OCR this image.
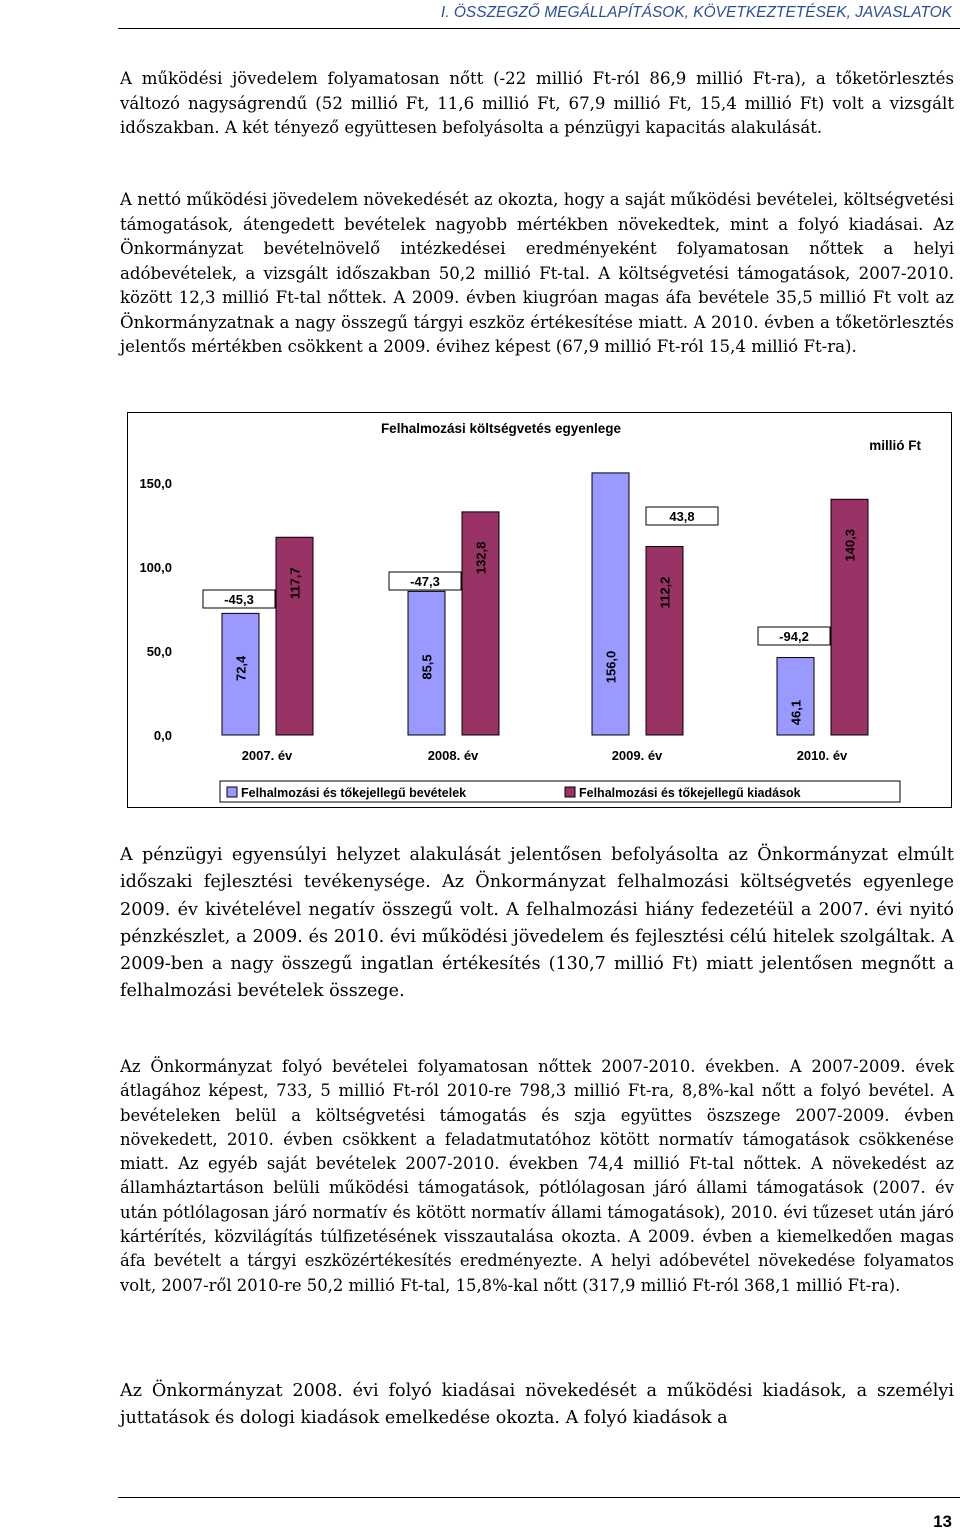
I. ÖSSZEGZŐ MEGÁLLAPÍTÁSOK, KÖVETKEZTETÉSEK, JAVASLATOK

A működési jövedelem folyamatosan nőtt (-22 millió Ft-ról 86,9 millió Ft-ra), a tőketörlesztés változó nagyságrendű (52 millió Ft, 11,6 millió Ft, 67,9 millió Ft, 15,4 millió Ft) volt a vizsgált időszakban. A két tényező együttesen befolyásolta a pénzügyi kapacitás alakulását.

A nettó működési jövedelem növekedését az okozta, hogy a saját működési bevételei, költségvetési támogatások, átengedett bevételek nagyobb mértékben növekedtek, mint a folyó kiadásai. Az Önkormányzat bevételnövelő intézkedései eredményeként folyamatosan nőttek a helyi adóbevételek, a vizsgált időszakban 50,2 millió Ft-tal. A költségvetési támogatások, 2007-2010. között 12,3 millió Ft-tal nőttek. A 2009. évben kiugróan magas áfa bevétele 35,5 millió Ft volt az Önkormányzatnak a nagy összegű tárgyi eszköz értékesítése miatt. A 2010. évben a tőketörlesztés jelentős mértékben csökkent a 2009. évihez képest (67,9 millió Ft-ról 15,4 millió Ft-ra).

Felhalmozási költségvetés egyenlege
millió Ft
150,0
100,0
50,0
0,0
72,4
117,7
-45,3
85,5
132,8
-47,3
156,0
112,2
43,8
46,1
140,3
-94,2
2007. év	2008. év	2009. év	2010. év
Felhalmozási és tőkejellegű bevételek	Felhalmozási és tőkejellegű kiadások

A pénzügyi egyensúlyi helyzet alakulását jelentősen befolyásolta az Önkormányzat elmúlt időszaki fejlesztési tevékenysége. Az Önkormányzat felhalmozási költségvetés egyenlege 2009. év kivételével negatív összegű volt. A felhalmozási hiány fedezetéül a 2007. évi nyitó pénzkészlet, a 2009. és 2010. évi működési jövedelem és fejlesztési célú hitelek szolgáltak. A 2009-ben a nagy összegű ingatlan értékesítés (130,7 millió Ft) miatt jelentősen megnőtt a felhalmozási bevételek összege.

Az Önkormányzat folyó bevételei folyamatosan nőttek 2007-2010. években. A 2007-2009. évek átlagához képest, 733, 5 millió Ft-ról 2010-re 798,3 millió Ft-ra, 8,8%-kal nőtt a folyó bevétel. A bevételeken belül a költségvetési támogatás és szja együttes öszszege 2007-2009. évben növekedett, 2010. évben csökkent a feladatmutatóhoz kötött normatív támogatások csökkenése miatt. Az egyéb saját bevételek 2007-2010. években 74,4 millió Ft-tal nőttek. A növekedést az államháztartáson belüli működési támogatások, pótlólagosan járó állami támogatások (2007. év után pótlólagosan járó normatív és kötött normatív állami támogatások), 2010. évi tűzeset után járó kártérítés, közvilágítás túlfizetésének visszautalása okozta. A 2009. évben a kiemelkedően magas áfa bevételt a tárgyi eszközértékesítés eredményezte. A helyi adóbevétel növekedése folyamatos volt, 2007-ről 2010-re 50,2 millió Ft-tal, 15,8%-kal nőtt (317,9 millió Ft-ról 368,1 millió Ft-ra).

Az Önkormányzat 2008. évi folyó kiadásai növekedését a működési kiadások, a személyi juttatások és dologi kiadások emelkedése okozta. A folyó kiadások a

13
